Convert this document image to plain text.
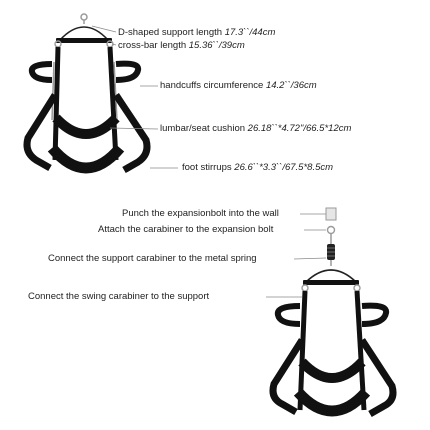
D-shaped support length 17.3``/44cm
cross-bar length 15.36``/39cm
handcuffs circumference 14.2``/36cm
lumbar/seat cushion 26.18``*4.72"/66.5*12cm
foot stirrups 26.6``*3.3``/67.5*8.5cm
Punch the expansionbolt into the wall
Attach the carabiner to the expansion bolt
Connect the support carabiner to the metal spring
Connect the swing carabiner to the support
